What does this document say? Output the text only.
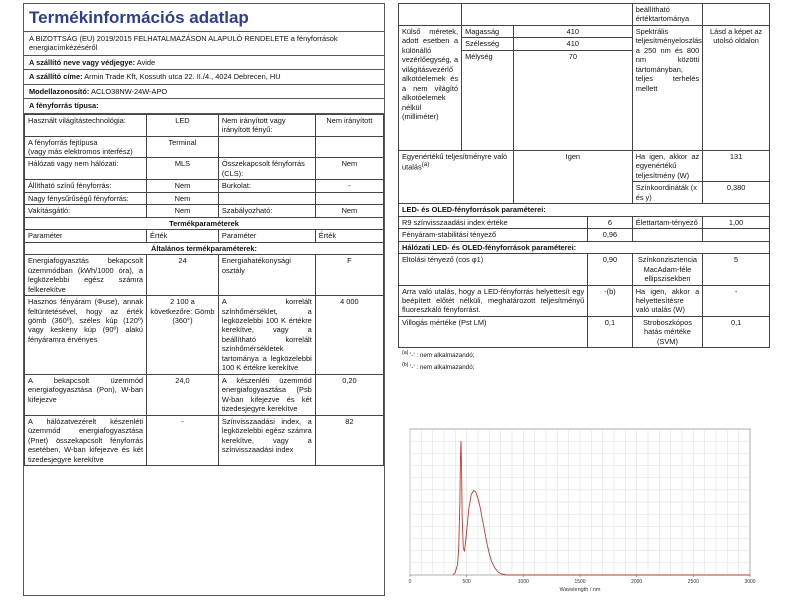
Termékinformációs adatlap
A BIZOTTSÁG (EU) 2019/2015 FELHATALMAZÁSON ALAPULÓ RENDELETE a fényforrások energiacímkézéséről
A szállító neve vagy védjegye: Avide
A szállító címe: Armin Trade Kft, Kossuth utca 22. II./4., 4024 Debrecen, HU
Modellazonosító: ACLO38NW-24W-APO
A fényforrás típusa:
Használt világítástechnológia:	LED	Nem irányított vagy irányított fényű:	Nem irányított
A fényforrás fejtípusa
(vagy más elektromos interfész)	Terminal		
Hálózati vagy nem hálózati:	MLS	Összekapcsolt fényforrás (CLS):	Nem
Állítható színű fényforrás:	Nem	Burkolat:	-
Nagy fénysűrűségű fényforrás:	Nem		
Vakításgátló:	Nem	Szabályozható:	Nem
Termékparaméterek			
Paraméter	Érték	Paraméter	Érték
Általános termékparaméterek:			
Energiafogyasztás bekapcsolt üzemmódban (kWh/1000 óra), a legközelebbi egész számra felkerekítve	24	Energiahatékonysági osztály	F
Hasznos fényáram (Φuse), annak feltüntetésével, hogy az érték gömb (360º), széles kúp (120º) vagy keskeny kúp (90º) alakú fényáramra érvényes	2 100 a következőre: Gömb (360°)	A korrelált színhőmérséklet, a legközelebbi 100 K értékre kerekítve, vagy a beállítható korrelált színhőmérsékletek tartománya a legközelebbi 100 K értékre kerekítve	4 000
A bekapcsolt üzemmód energiafogyasztása (Pon), W-ban kifejezve	24,0	A készenléti üzemmód energiafogyasztása (Psb W-ban kifejezve és két tizedesjegyre kerekítve	0,20
A hálózatvezérelt készenléti üzemmód energiafogyasztása (Pnet) összekapcsolt fényforrás esetében, W-ban kifejezve és két tizedesjegyre kerekítve	-	Színvisszaadási index, a legközelebbi egész számra kerekítve, vagy a színvisszaadási index	82
				beállítható értéktartománya	
Külső méretek, adott esetben a különálló vezérlőegység, a világításvezérlő alkotóelemek és a nem világító alkotóelemek nélkül (milliméter)	Magasság	410		Spektrális teljesítményeloszlás a 250 nm és 800 nm közötti tartományban, teljes terhelés mellett	Lásd a képet az utolsó oldalon
	Szélesség	410			
	Mélység	70			
Egyenértékű teljesítményre való utalás$^{(a)}$		Igen		Ha igen, akkor az egyenértékű teljesítmény (W)	131
				Színkoordináták (x és y)	0,380
LED- és OLED-fényforrások paraméterei:					
R9 színvisszaadási index értéke			6	Élettartam-tényező	1,00
Fényáram-stabilitási tényező			0,96		
Hálózati LED- és OLED-fényforrások paraméterei:					
Eltolási tényező (cos φ1)			0,90	Színkonzisztencia MacAdam-féle ellipszisekben	5
Arra való utalás, hogy a LED-fényforrás helyettesít egy beépített előtét nélküli, meghatározott teljesítményű fluoreszkáló fényforrást.			-(b)	Ha igen, akkor a helyettesítésre való utalás (W)	-
Villogás mértéke (Pst LM)			0,1	Stroboszkópos hatás mértéke (SVM)	0,1
$^{(a)}$ '-' : nem alkalmazandó;
$^{(b)}$ '-' : nem alkalmazandó;
0	500	1000	1500	2000	2500	3000
Wavelength / nm
